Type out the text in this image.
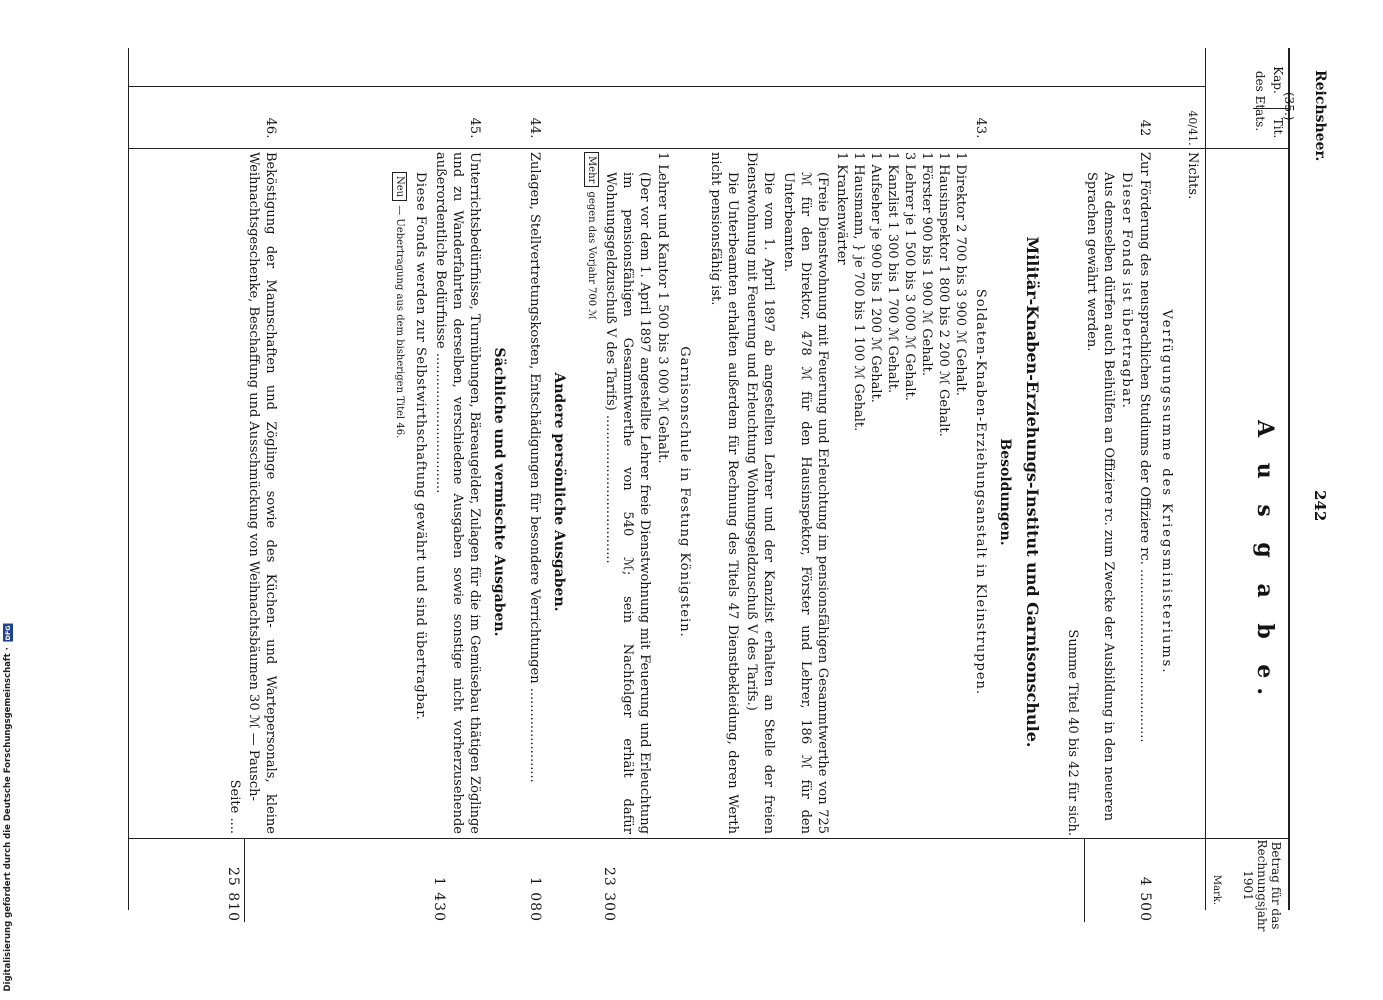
Reichsheer.
242
Kap.
Tit.
des Etats.
A u s g a b e.
Betrag für das Rechnungsjahr 1901
Mark.
(35.)
40/41.
Nichts.
Verfügungssumme des Kriegsministeriums.
42
Zur Förderung des neusprachlichen Studiums der Offiziere rc. ..........................................
Dieser Fonds ist übertragbar.
Aus demselben dürfen auch Beihülfen an Offiziere rc. zum Zwecke der Ausbildung in den neueren Sprachen gewährt werden.
4 500
Summe Titel 40 bis 42 für sich.
Militär-Knaben-Erziehungs-Institut und Garnisonschule.
Besoldungen.
43.
Soldaten-Knaben-Erziehungsanstalt in Kleinstruppen.

1 Direktor 2 700 bis 3 900 ℳ Gehalt.

1 Hausinspektor 1 800 bis 2 200 ℳ Gehalt.

1 Förster 900 bis 1 900 ℳ Gehalt.

3 Lehrer je 1 500 bis 3 000 ℳ Gehalt.

1 Kanzlist 1 300 bis 1 700 ℳ Gehalt.

1 Aufseher je 900 bis 1 200 ℳ Gehalt.

1 Hausmann, } je 700 bis 1 100 ℳ Gehalt.

1 Krankenwärter

(Freie Dienstwohnung mit Feuerung und Erleuchtung im pensionsfähigen Gesammtwerthe von 725 ℳ für den Direktor, 478 ℳ für den Hausinspektor, Förster und Lehrer, 186 ℳ für den Unterbeamten.
Die vom 1. April 1897 ab angestellten Lehrer und der Kanzlist erhalten an Stelle der freien Dienstwohnung mit Feuerung und Erleuchtung Wohnungsgeldzuschuß V des Tarifs.)
Die Unterbeamten erhalten außerdem für Rechnung des Titels 47 Dienstbekleidung, deren Werth nicht pensionsfähig ist.
Garnisonschule in Festung Königstein.
1 Lehrer und Kantor 1 500 bis 3 000 ℳ Gehalt.
(Der vor dem 1. April 1897 angestellte Lehrer freie Dienstwohnung mit Feuerung und Erleuchtung im pensionsfähigen Gesammtwerthe von 540 ℳ; sein Nachfolger erhält dafür Wohnungsgeldzuschuß V des Tarifs) ....................................
23 300
Mehr gegen das Vorjahr 700 ℳ
Andere persönliche Ausgaben.
44.
Zulagen, Stellvertretungskosten, Entschädigungen für besondere Verrichtungen .......................
1 080
Sächliche und vermischte Ausgaben.
45.
Unterrichtsbedürfnisse, Turnübungen, Bäreaugelder, Zulagen für die im Gemüsebau thätigen Zöglinge und zu Wanderfahrten derselben, verschiedene Ausgaben sowie sonstige nicht vorherzusehende außerordentliche Bedürfnisse ..................................
Diese Fonds werden zur Selbstwirthschaftung gewährt und sind übertragbar.
1 430
Neu — Uebertragung aus dem bisherigen Titel 46.
46.
Beköstigung der Mannschaften und Zöglinge sowie des Küchen- und Wartepersonals, kleine Weihnachtsgeschenke, Beschaffung und Ausschmückung von Weihnachtsbäumen 30 ℳ — Pausch-
Seite ....
25 810
Digitalisierung gefördert durch die Deutsche Forschungsgemeinschaft · DFG
